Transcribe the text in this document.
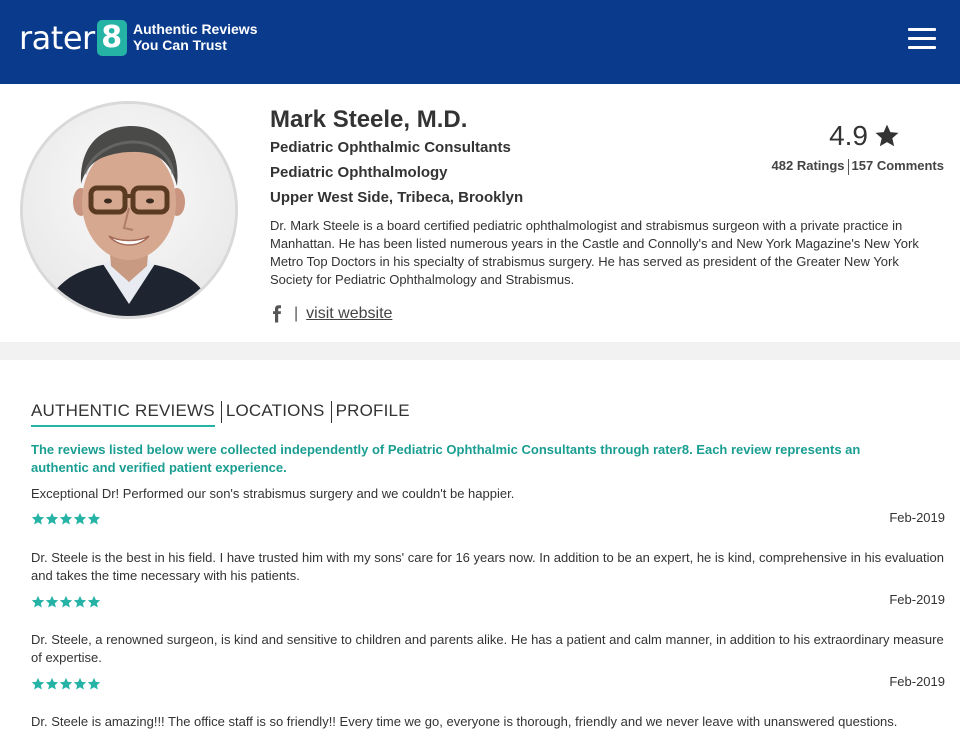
rater 8 Authentic Reviews
You Can Trust
Mark Steele, M.D.
Pediatric Ophthalmic Consultants
Pediatric Ophthalmology
Upper West Side, Tribeca, Brooklyn
Dr. Mark Steele is a board certified pediatric ophthalmologist and strabismus surgeon with a private practice in Manhattan. He has been listed numerous years in the Castle and Connolly's and New York Magazine's New York Metro Top Doctors in his specialty of strabismus surgery. He has served as president of the Greater New York Society for Pediatric Ophthalmology and Strabismus.
| visit website
4.9
482 Ratings 157 Comments
AUTHENTIC REVIEWS LOCATIONS PROFILE
The reviews listed below were collected independently of Pediatric Ophthalmic Consultants through rater8. Each review represents an authentic and verified patient experience.
Exceptional Dr! Performed our son's strabismus surgery and we couldn't be happier.
Feb-2019
Dr. Steele is the best in his field. I have trusted him with my sons' care for 16 years now. In addition to be an expert, he is kind, comprehensive in his evaluation and takes the time necessary with his patients.
Feb-2019
Dr. Steele, a renowned surgeon, is kind and sensitive to children and parents alike. He has a patient and calm manner, in addition to his extraordinary measure of expertise.
Feb-2019
Dr. Steele is amazing!!! The office staff is so friendly!! Every time we go, everyone is thorough, friendly and we never leave with unanswered questions.
